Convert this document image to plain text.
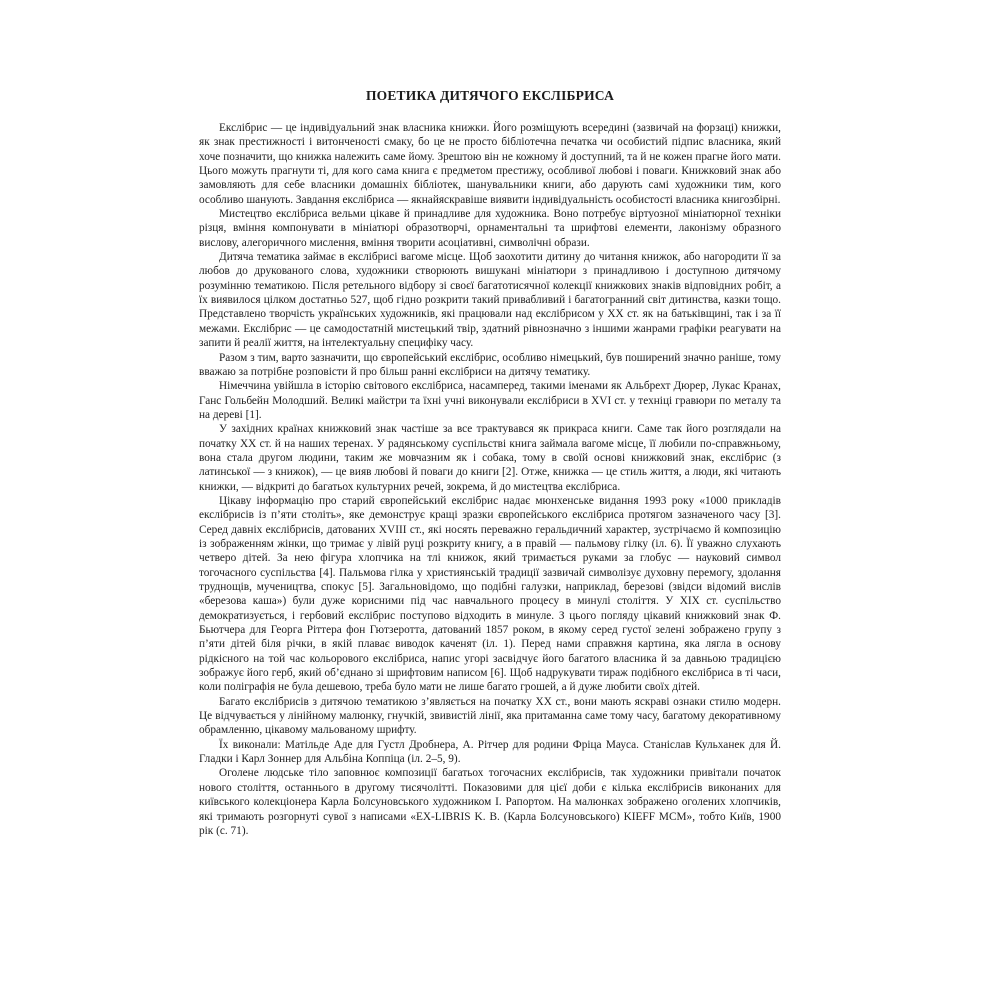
ПОЕТИКА ДИТЯЧОГО ЕКСЛІБРИСА

Екслібрис — це індивідуальний знак власника книжки. Його розміщують всередині (зазвичай на форзаці) книжки, як знак престижності і витонченості смаку, бо це не просто бібліотечна печатка чи особистий підпис власника, який хоче позначити, що книжка належить саме йому. Зрештою він не кожному й доступний, та й не кожен прагне його мати. Цього можуть прагнути ті, для кого сама книга є предметом престижу, особливої любові і поваги. Книжковий знак або замовляють для себе власники домашніх бібліотек, шанувальники книги, або дарують самі художники тим, кого особливо шанують. Завдання екслібриса — якнайяскравіше виявити індивідуальність особистості власника книгозбірні.

Мистецтво екслібриса вельми цікаве й принадливе для художника. Воно потребує віртуозної мініатюрної техніки різця, вміння компонувати в мініатюрі образотворчі, орнаментальні та шрифтові елементи, лаконізму образного вислову, алегоричного мислення, вміння творити асоціативні, символічні образи.

Дитяча тематика займає в екслібрисі вагоме місце. Щоб заохотити дитину до читання книжок, або нагородити її за любов до друкованого слова, художники створюють вишукані мініатюри з принадливою і доступною дитячому розумінню тематикою. Після ретельного відбору зі своєї багатотисячної колекції книжкових знаків відповідних робіт, а їх виявилося цілком достатньо 527, щоб гідно розкрити такий привабливий і багатогранний світ дитинства, казки тощо. Представлено творчість українських художників, які працювали над екслібрисом у XX ст. як на батьківщині, так і за її межами. Екслібрис — це самодостатній мистецький твір, здатний рівнозначно з іншими жанрами графіки реагувати на запити й реалії життя, на інтелектуальну специфіку часу.

Разом з тим, варто зазначити, що європейський екслібрис, особливо німецький, був поширений значно раніше, тому вважаю за потрібне розповісти й про більш ранні екслібриси на дитячу тематику.

Німеччина увійшла в історію світового екслібриса, насамперед, такими іменами як Альбрехт Дюрер, Лукас Кранах, Ганс Гольбейн Молодший. Великі майстри та їхні учні виконували екслібриси в XVI ст. у техніці гравюри по металу та на дереві [1].

У західних країнах книжковий знак частіше за все трактувався як прикраса книги. Саме так його розглядали на початку XX ст. й на наших теренах. У радянському суспільстві книга займала вагоме місце, її любили по-справжньому, вона стала другом людини, таким же мовчазним як і собака, тому в своїй основі книжковий знак, екслібрис (з латинської — з книжок), — це вияв любові й поваги до книги [2]. Отже, книжка — це стиль життя, а люди, які читають книжки, — відкриті до багатьох культурних речей, зокрема, й до мистецтва екслібриса.

Цікаву інформацію про старий європейський екслібрис надає мюнхенське видання 1993 року «1000 прикладів екслібрисів із п’яти століть», яке демонструє кращі зразки європейського екслібриса протягом зазначеного часу [3]. Серед давніх екслібрисів, датованих XVIII ст., які носять переважно геральдичний характер, зустрічаємо й композицію із зображенням жінки, що тримає у лівій руці розкриту книгу, а в правій — пальмову гілку (іл. 6). Її уважно слухають четверо дітей. За нею фігура хлопчика на тлі книжок, який тримається руками за глобус — науковий символ тогочасного суспільства [4]. Пальмова гілка у християнській традиції зазвичай символізує духовну перемогу, здолання труднощів, мучеництва, спокус [5]. Загальновідомо, що подібні галузки, наприклад, березові (звідси відомий вислів «березова каша») були дуже корисними під час навчального процесу в минулі століття. У XIX ст. суспільство демократизується, і гербовий екслібрис поступово відходить в минуле. З цього погляду цікавий книжковий знак Ф. Бьютчера для Георга Ріттера фон Гютзеротта, датований 1857 роком, в якому серед густої зелені зображено групу з п’яти дітей біля річки, в якій плаває виводок каченят (іл. 1). Перед нами справжня картина, яка лягла в основу рідкісного на той час кольорового екслібриса, напис угорі засвідчує його багатого власника й за давньою традицією зображує його герб, який об’єднано зі шрифтовим написом [6]. Щоб надрукувати тираж подібного екслібриса в ті часи, коли поліграфія не була дешевою, треба було мати не лише багато грошей, а й дуже любити своїх дітей.

Багато екслібрисів з дитячою тематикою з’являється на початку XX ст., вони мають яскраві ознаки стилю модерн. Це відчувається у лінійному малюнку, гнучкій, звивистій лінії, яка притаманна саме тому часу, багатому декоративному обрамленню, цікавому мальованому шрифту.

Їх виконали: Матільде Аде для Густл Дробнера, А. Рітчер для родини Фріца Мауса. Станіслав Кульханек для Й. Гладки і Карл Зоннер для Альбіна Коппіца (іл. 2–5, 9).

Оголене людське тіло заповнює композиції багатьох тогочасних екслібрисів, так художники привітали початок нового століття, останнього в другому тисячолітті. Показовими для цієї доби є кілька екслібрисів виконаних для київського колекціонера Карла Болсуновського художником І. Рапортом. На малюнках зображено оголених хлопчиків, які тримають розгорнуті сувої з написами «EX-LIBRIS K. B. (Карла Болсуновського) KIEFF MCM», тобто Київ, 1900 рік (с. 71).
